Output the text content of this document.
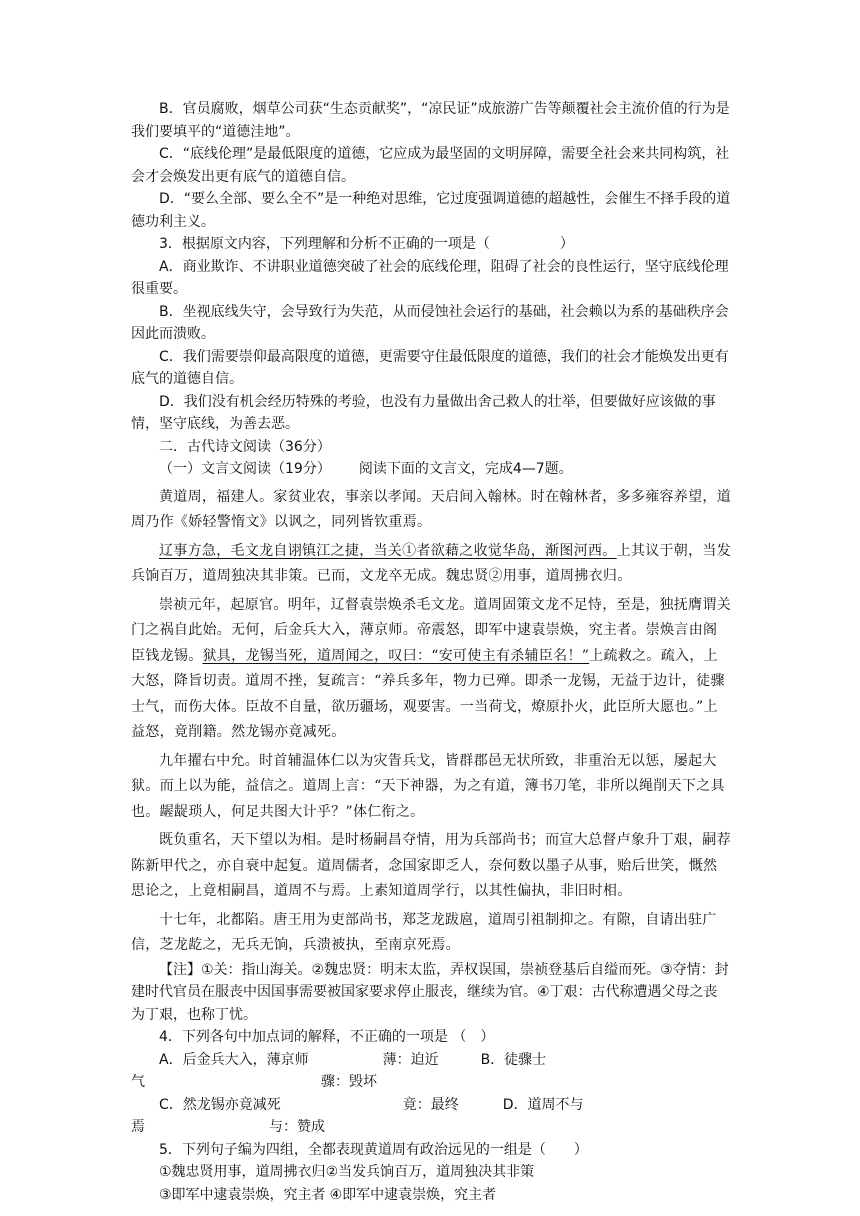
B．官员腐败，烟草公司获“生态贡献奖”，“凉民证”成旅游广告等颠覆社会主流价值的行为是我们要填平的“道德洼地”。

C．“底线伦理”是最低限度的道德，它应成为最坚固的文明屏障，需要全社会来共同构筑，社会才会焕发出更有底气的道德自信。

D．“要么全部、要么全不”是一种绝对思维，它过度强调道德的超越性，会催生不择手段的道德功利主义。

3．根据原文内容，下列理解和分析不正确的一项是（	）

A．商业欺诈、不讲职业道德突破了社会的底线伦理，阻碍了社会的良性运行，坚守底线伦理很重要。

B．坐视底线失守，会导致行为失范，从而侵蚀社会运行的基础，社会赖以为系的基础秩序会因此而溃败。

C．我们需要崇仰最高限度的道德，更需要守住最低限度的道德，我们的社会才能焕发出更有底气的道德自信。

D．我们没有机会经历特殊的考验，也没有力量做出舍己救人的壮举，但要做好应该做的事情，坚守底线，为善去恶。

二．古代诗文阅读（36分）

（一）文言文阅读（19分） 阅读下面的文言文，完成4—7题。

黄道周，福建人。家贫业农，事亲以孝闻。天启间入翰林。时在翰林者，多多雍容养望，道周乃作《娇轻警惰文》以讽之，同列皆钦重焉。

辽事方急，毛文龙自诩镇江之捷，当关①者欲藉之收觉华岛，渐图河西。上其议于朝，当发兵饷百万，道周独决其非策。已而，文龙卒无成。魏忠贤②用事，道周拂衣归。

崇祯元年，起原官。明年，辽督袁崇焕杀毛文龙。道周固策文龙不足恃，至是，独抚膺谓关门之祸自此始。无何，后金兵大入，薄京师。帝震怒，即军中逮袁崇焕，究主者。崇焕言由阁臣钱龙锡。狱具，龙锡当死，道周闻之，叹曰：“安可使主有杀辅臣名！”上疏救之。疏入，上大怒，降旨切责。道周不挫，复疏言：“养兵多年，物力已殚。即杀一龙锡，无益于边计，徒骤士气，而伤大体。臣故不自量，欲历疆场，观要害。一当荷戈，燎原扑火，此臣所大愿也。”上益怒，竟削籍。然龙锡亦竟减死。

九年擢右中允。时首辅温体仁以为灾眚兵戈，皆群郡邑无状所致，非重治无以惩，屡起大狱。而上以为能，益信之。道周上言：“天下神器，为之有道，簿书刀笔，非所以绳削天下之具也。龌龊琐人，何足共图大计乎？”体仁衔之。

既负重名，天下望以为相。是时杨嗣昌夺情，用为兵部尚书；而宣大总督卢象升丁艰，嗣荐陈新甲代之，亦自衰中起复。道周儒者，念国家即乏人，奈何数以墨子从事，贻后世笑，慨然思论之，上竟相嗣昌，道周不与焉。上素知道周学行，以其性偏执，非旧时相。

十七年，北都陷。唐王用为吏部尚书，郑芝龙跋扈，道周引祖制抑之。有隙，自请出驻广信，芝龙龁之，无兵无饷，兵溃被执，至南京死焉。

【注】①关：指山海关。②魏忠贤：明末太监，弄权误国，崇祯登基后自缢而死。③夺情：封建时代官员在服丧中因国事需要被国家要求停止服丧，继续为官。④丁艰：古代称遭遇父母之丧为丁艰，也称丁忧。

4．下列各句中加点词的解释，不正确的一项是 （　）

A．后金兵大入，薄京师	薄：迫近	B．徒骤士

气	骤：毁坏

C．然龙锡亦竟减死	竟：最终	D．道周不与

焉	与：赞成

5．下列句子编为四组，全都表现黄道周有政治远见的一组是（　　）

①魏忠贤用事，道周拂衣归②当发兵饷百万，道周独决其非策

③即军中逮袁崇焕，究主者 ④即军中逮袁崇焕，究主者
